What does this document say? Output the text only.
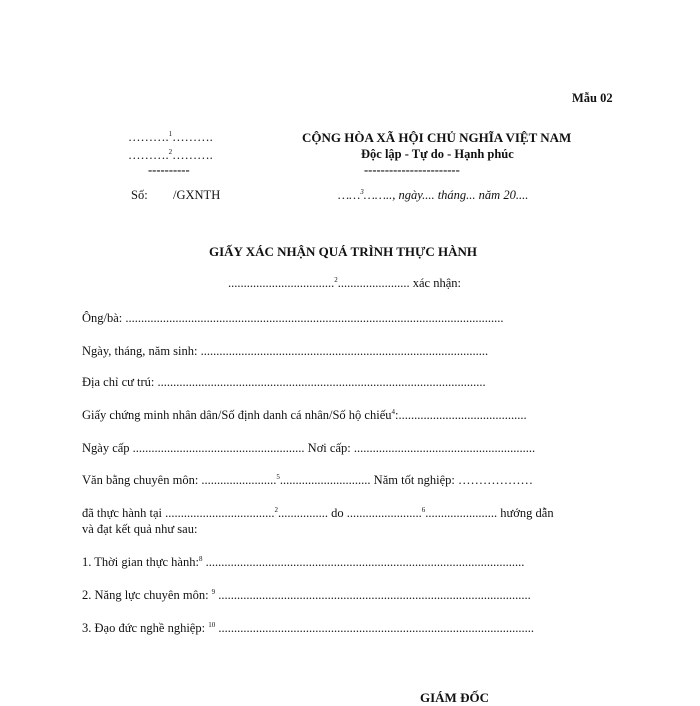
Mẫu 02
……….$^1$……….
……….$^2$……….
----------
Số: /GXNTH
CỘNG HÒA XÃ HỘI CHỦ NGHĨA VIỆT NAM
Độc lập - Tự do - Hạnh phúc
-----------------------
……$^3$…….., ngày.... tháng... năm 20....
GIẤY XÁC NHẬN QUÁ TRÌNH THỰC HÀNH
..................................$^2$....................... xác nhận:
Ông/bà: .........................................................................................................................
Ngày, tháng, năm sinh: ............................................................................................
Địa chỉ cư trú: .........................................................................................................
Giấy chứng minh nhân dân/Số định danh cá nhân/Số hộ chiếu$^4$:.........................................
Ngày cấp ....................................................... Nơi cấp: ..........................................................
Văn bằng chuyên môn: ........................$^5$............................. Năm tốt nghiệp: ………………
đã thực hành tại ...................................$^2$................ do ........................$^6$....................... hướng dẫn
và đạt kết quả như sau:
1. Thời gian thực hành:$^8$ ......................................................................................................
2. Năng lực chuyên môn: $^9$ ....................................................................................................
3. Đạo đức nghề nghiệp: $^{10}$ .....................................................................................................
GIÁM ĐỐC
